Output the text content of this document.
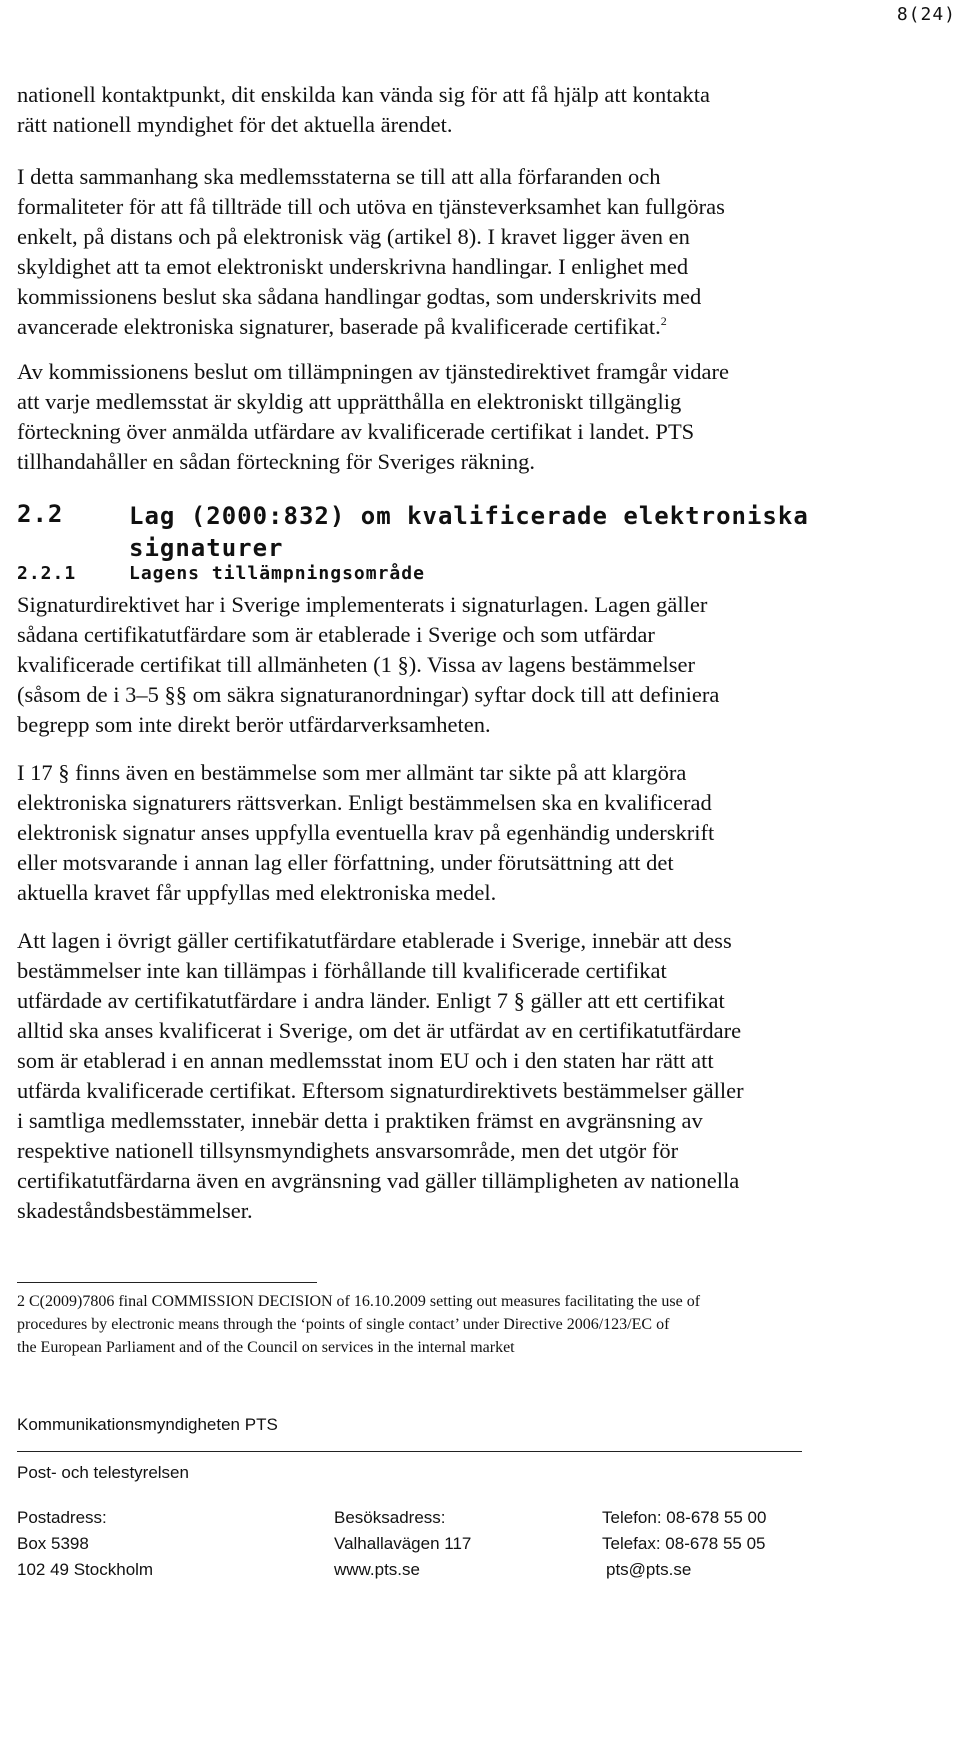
8(24)

nationell kontaktpunkt, dit enskilda kan vända sig för att få hjälp att kontakta
rätt nationell myndighet för det aktuella ärendet.

I detta sammanhang ska medlemsstaterna se till att alla förfaranden och
formaliteter för att få tillträde till och utöva en tjänsteverksamhet kan fullgöras
enkelt, på distans och på elektronisk väg (artikel 8). I kravet ligger även en
skyldighet att ta emot elektroniskt underskrivna handlingar. I enlighet med
kommissionens beslut ska sådana handlingar godtas, som underskrivits med
avancerade elektroniska signaturer, baserade på kvalificerade certifikat.$^2$

Av kommissionens beslut om tillämpningen av tjänstedirektivet framgår vidare
att varje medlemsstat är skyldig att upprätthålla en elektroniskt tillgänglig
förteckning över anmälda utfärdare av kvalificerade certifikat i landet. PTS
tillhandahåller en sådan förteckning för Sveriges räkning.

2.2	Lag (2000:832) om kvalificerade elektroniska
signaturer
2.2.1	Lagens tillämpningsområde

Signaturdirektivet har i Sverige implementerats i signaturlagen. Lagen gäller
sådana certifikatutfärdare som är etablerade i Sverige och som utfärdar
kvalificerade certifikat till allmänheten (1 §). Vissa av lagens bestämmelser
(såsom de i 3–5 §§ om säkra signaturanordningar) syftar dock till att definiera
begrepp som inte direkt berör utfärdarverksamheten.

I 17 § finns även en bestämmelse som mer allmänt tar sikte på att klargöra
elektroniska signaturers rättsverkan. Enligt bestämmelsen ska en kvalificerad
elektronisk signatur anses uppfylla eventuella krav på egenhändig underskrift
eller motsvarande i annan lag eller författning, under förutsättning att det
aktuella kravet får uppfyllas med elektroniska medel.

Att lagen i övrigt gäller certifikatutfärdare etablerade i Sverige, innebär att dess
bestämmelser inte kan tillämpas i förhållande till kvalificerade certifikat
utfärdade av certifikatutfärdare i andra länder. Enligt 7 § gäller att ett certifikat
alltid ska anses kvalificerat i Sverige, om det är utfärdat av en certifikatutfärdare
som är etablerad i en annan medlemsstat inom EU och i den staten har rätt att
utfärda kvalificerade certifikat. Eftersom signaturdirektivets bestämmelser gäller
i samtliga medlemsstater, innebär detta i praktiken främst en avgränsning av
respektive nationell tillsynsmyndighets ansvarsområde, men det utgör för
certifikatutfärdarna även en avgränsning vad gäller tillämpligheten av nationella
skadeståndsbestämmelser.

2 C(2009)7806 final COMMISSION DECISION of 16.10.2009 setting out measures facilitating the use of
procedures by electronic means through the ‘points of single contact’ under Directive 2006/123/EC of
the European Parliament and of the Council on services in the internal market
Kommunikationsmyndigheten PTS
Post- och telestyrelsen
Postadress:
Box 5398
102 49 Stockholm
Besöksadress:
Valhallavägen 117
www.pts.se
Telefon: 08-678 55 00
Telefax: 08-678 55 05
pts@pts.se
